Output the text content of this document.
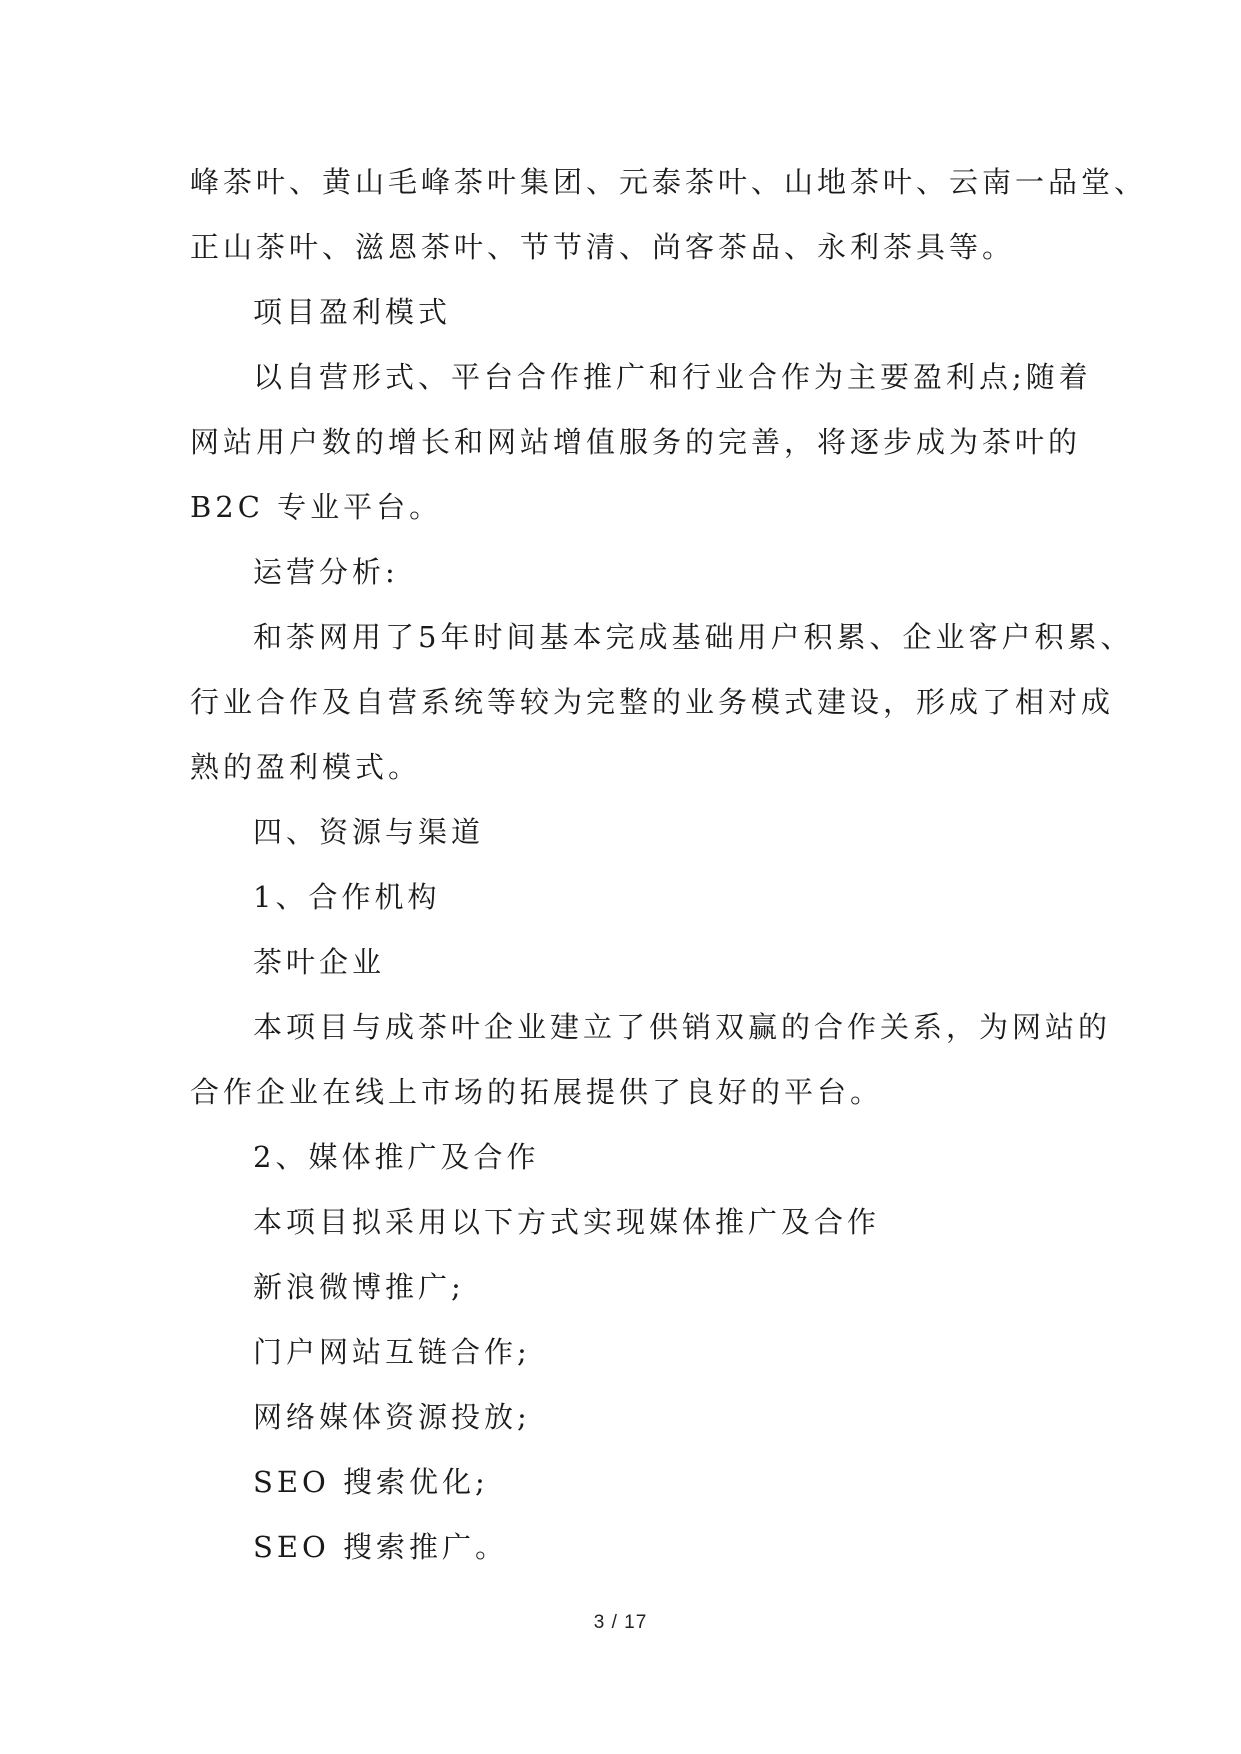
峰茶叶、黄山毛峰茶叶集团、元泰茶叶、山地茶叶、云南一品堂、
正山茶叶、滋恩茶叶、节节清、尚客茶品、永利茶具等。
项目盈利模式
以自营形式、平台合作推广和行业合作为主要盈利点;随着
网站用户数的增长和网站增值服务的完善，将逐步成为茶叶的
B2C 专业平台。
运营分析:
和茶网用了5年时间基本完成基础用户积累、企业客户积累、
行业合作及自营系统等较为完整的业务模式建设，形成了相对成
熟的盈利模式。
四、资源与渠道
1、合作机构
茶叶企业
本项目与成茶叶企业建立了供销双赢的合作关系，为网站的
合作企业在线上市场的拓展提供了良好的平台。
2、媒体推广及合作
本项目拟采用以下方式实现媒体推广及合作
新浪微博推广;
门户网站互链合作;
网络媒体资源投放;
SEO 搜索优化;
SEO 搜索推广。
3 / 17
